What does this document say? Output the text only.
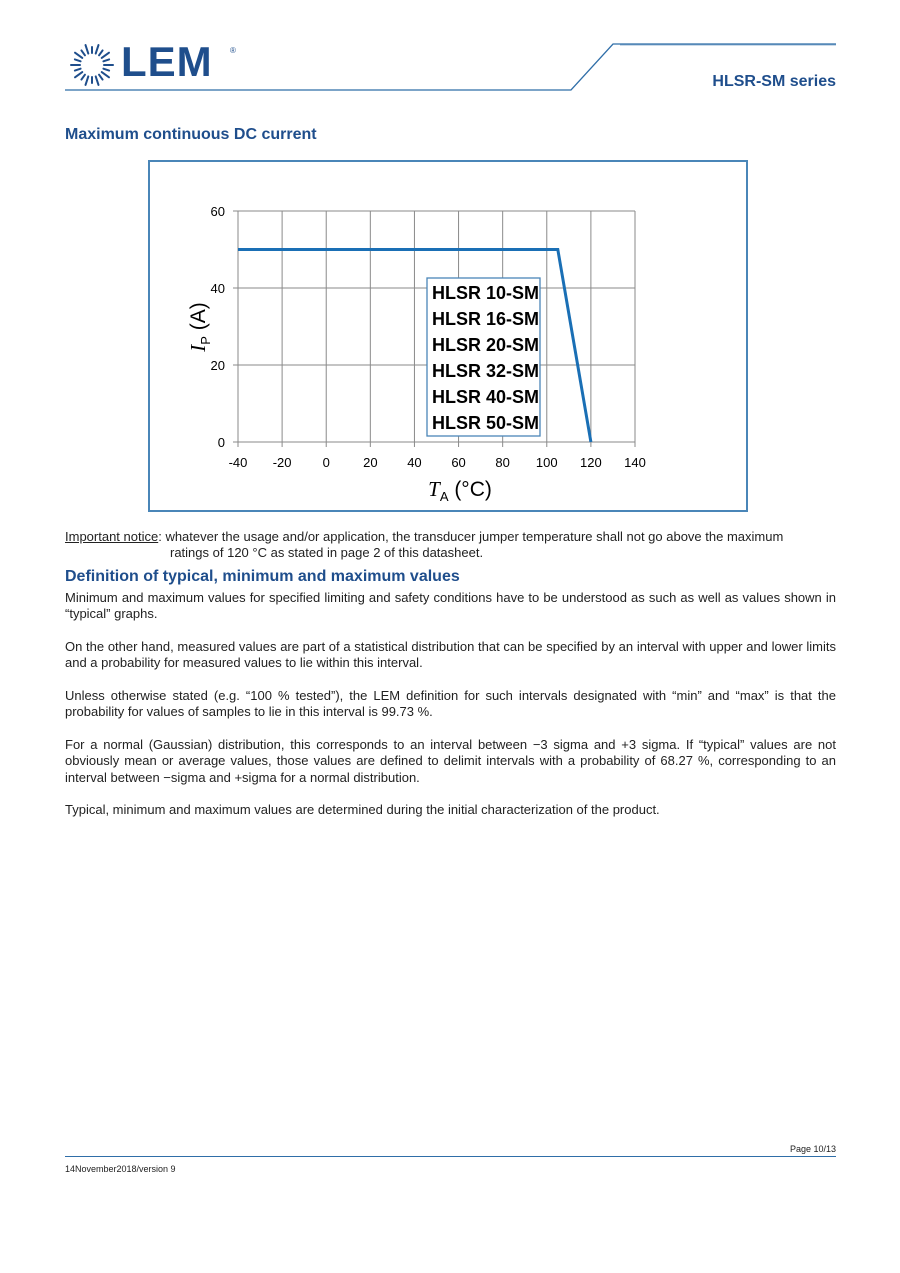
LEM ®
HLSR-SM series
Maximum continuous DC current
-40 -20 0	20 40 60 80 100 120 140
0
20
40
60
HLSR 10-SM
HLSR 16-SM
HLSR 20-SM
HLSR 32-SM
HLSR 40-SM
HLSR 50-SM
$I_P$ (A)
$T_A$ (°C)
Important notice: whatever the usage and/or application, the transducer jumper temperature shall not go above the maximum
ratings of 120 °C as stated in page 2 of this datasheet.
Definition of typical, minimum and maximum values
Minimum and maximum values for specified limiting and safety conditions have to be understood as such as well as values shown in “typical” graphs.
On the other hand, measured values are part of a statistical distribution that can be specified by an interval with upper and lower limits and a probability for measured values to lie within this interval.
Unless otherwise stated (e.g. “100 % tested”), the LEM definition for such intervals designated with “min” and “max” is that the probability for values of samples to lie in this interval is 99.73 %.
For a normal (Gaussian) distribution, this corresponds to an interval between −3 sigma and +3 sigma. If “typical” values are not obviously mean or average values, those values are defined to delimit intervals with a probability of 68.27 %, corresponding to an interval between −sigma and +sigma for a normal distribution.
Typical, minimum and maximum values are determined during the initial characterization of the product.
Page 10/13
14November2018/version 9
